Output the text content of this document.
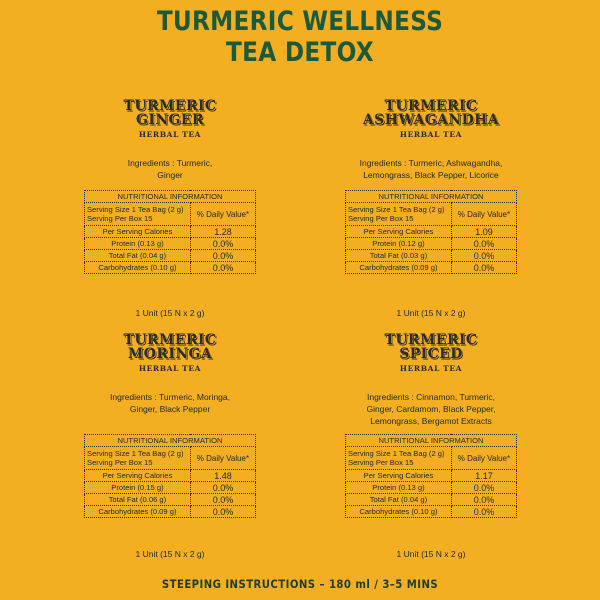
TURMERIC WELLNESS
TEA DETOX
TURMERIC
GINGER
HERBAL TEA
Ingredients : Turmeric,
Ginger
NUTRITIONAL INFORMATION	
Serving Size 1 Tea Bag (2 g)
Serving Per Box 15	% Daily Value*
Per Serving Calories	1.28
Protein (0.13 g)	0.0%
Total Fat (0.04 g)	0.0%
Carbohydrates (0.10 g)	0.0%
1 Unit (15 N x 2 g)
TURMERIC
ASHWAGANDHA
HERBAL TEA
Ingredients : Turmeric, Ashwagandha,
Lemongrass, Black Pepper, Licorice
NUTRITIONAL INFORMATION	
Serving Size 1 Tea Bag (2 g)
Serving Per Box 15	% Daily Value*
Per Serving Calories	1.09
Protein (0.12 g)	0.0%
Total Fat (0.03 g)	0.0%
Carbohydrates (0.09 g)	0.0%
1 Unit (15 N x 2 g)
TURMERIC
MORINGA
HERBAL TEA
Ingredients : Turmeric, Moringa,
Ginger, Black Pepper
NUTRITIONAL INFORMATION	
Serving Size 1 Tea Bag (2 g)
Serving Per Box 15	% Daily Value*
Per Serving Calories	1.48
Protein (0.15 g)	0.0%
Total Fat (0.06 g)	0.0%
Carbohydrates (0.09 g)	0.0%
1 Unit (15 N x 2 g)
TURMERIC
SPICED
HERBAL TEA
Ingredients : Cinnamon, Turmeric,
Ginger, Cardamom, Black Pepper,
Lemongrass, Bergamot Extracts
NUTRITIONAL INFORMATION	
Serving Size 1 Tea Bag (2 g)
Serving Per Box 15	% Daily Value*
Per Serving Calories	1.17
Protein (0.13 g)	0.0%
Total Fat (0.04 g)	0.0%
Carbohydrates (0.10 g)	0.0%
1 Unit (15 N x 2 g)
STEEPING INSTRUCTIONS – 180 ml / 3–5 MINS
